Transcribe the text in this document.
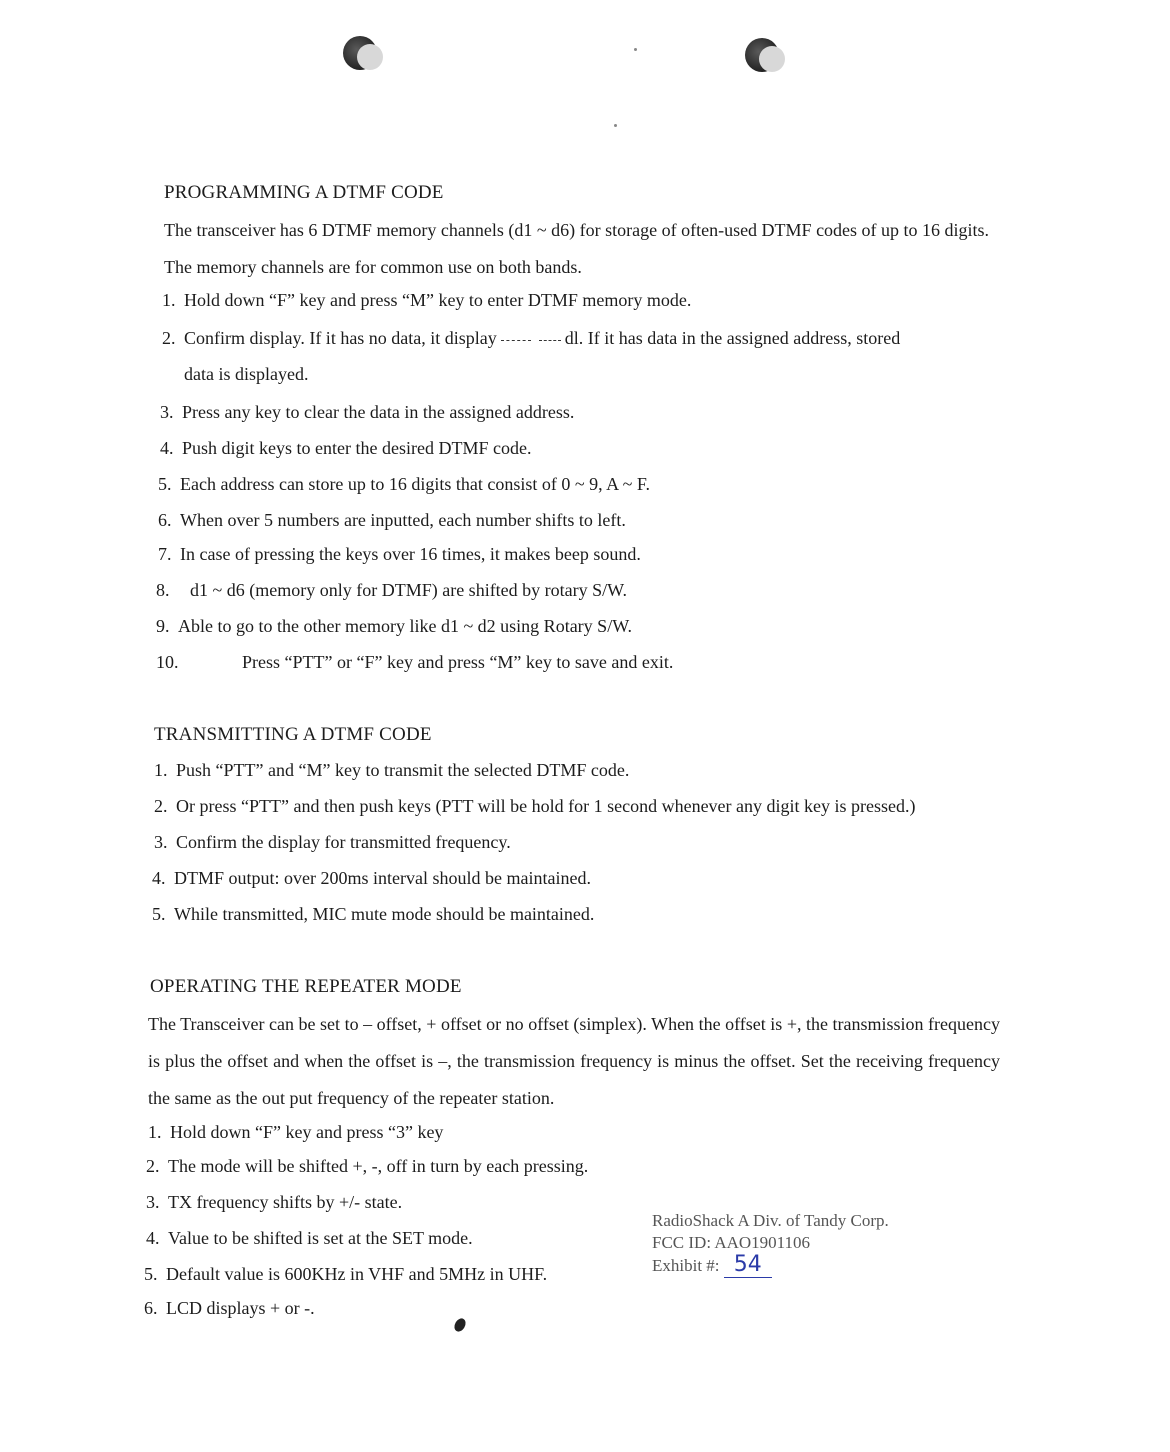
PROGRAMMING A DTMF CODE

The transceiver has 6 DTMF memory channels (d1 ~ d6) for storage of often-used DTMF codes of up to 16 digits. The memory channels are for common use on both bands.

1. Hold down “F” key and press “M” key to enter DTMF memory mode.
2. Confirm display. If it has no data, it display	dl. If it has data in the assigned address, stored
data is displayed.
3. Press any key to clear the data in the assigned address.
4. Push digit keys to enter the desired DTMF code.
5. Each address can store up to 16 digits that consist of 0 ~ 9, A ~ F.
6. When over 5 numbers are inputted, each number shifts to left.
7. In case of pressing the keys over 16 times, it makes beep sound.
8. d1 ~ d6 (memory only for DTMF) are shifted by rotary S/W.
9. Able to go to the other memory like d1 ~ d2 using Rotary S/W.
10.	Press “PTT” or “F” key and press “M” key to save and exit.
TRANSMITTING A DTMF CODE
1. Push “PTT” and “M” key to transmit the selected DTMF code.
2. Or press “PTT” and then push keys (PTT will be hold for 1 second whenever any digit key is pressed.)
3. Confirm the display for transmitted frequency.
4. DTMF output: over 200ms interval should be maintained.
5. While transmitted, MIC mute mode should be maintained.
OPERATING THE REPEATER MODE

The Transceiver can be set to – offset, + offset or no offset (simplex). When the offset is +, the transmission frequency is plus the offset and when the offset is –, the transmission frequency is minus the offset. Set the receiving frequency the same as the out put frequency of the repeater station.

1. Hold down “F” key and press “3” key
2. The mode will be shifted +, -, off in turn by each pressing.
3. TX frequency shifts by +/- state.
4. Value to be shifted is set at the SET mode.
5. Default value is 600KHz in VHF and 5MHz in UHF.
6. LCD displays + or -.
RadioShack A Div. of Tandy Corp.
FCC ID: AAO1901106
Exhibit #: 54
